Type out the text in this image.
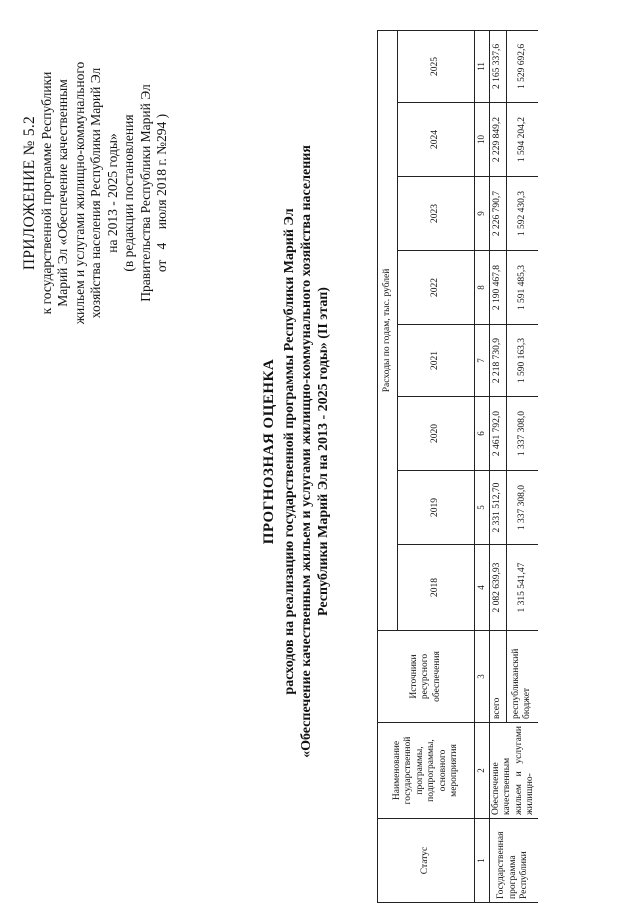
ПРИЛОЖЕНИЕ № 5.2 к государственной программе Республики Марий Эл «Обеспечение качественным жильем и услугами жилищно-коммунального хозяйства населения Республики Марий Эл на 2013 - 2025 годы» (в редакции постановления Правительства Республики Марий Эл от   4    июля 2018 г. №294 )
ПРОГНОЗНАЯ ОЦЕНКА расходов на реализацию государственной программы Республики Марий Эл «Обеспечение качественным жильем и услугами жилищно-коммунального хозяйства населения Республики Марий Эл на 2013 - 2025 годы» (II этап)
Статус	Наименование государственной программы, подпрограммы, основного мероприятия	Источники ресурсного обеспечения	Расходы по годам, тыс. рублей							
			2018	2019	2020	2021	2022	2023	2024	2025
1	2	3	4	5	6	7	8	9	10	11
Государственная программа Республики	Обеспечение качественным жильем и услугами жилищно-	всего	2 082 639,93	2 331 512,70	2 461 792,0	2 218 730,9	2 190 467,8	2 226 790,7	2 229 849,2	2 165 337,6
		республиканский бюджет	1 315 541,47	1 337 308,0	1 337 308,0	1 590 163,3	1 591 485,3	1 592 430,3	1 594 204,2	1 529 692,6
